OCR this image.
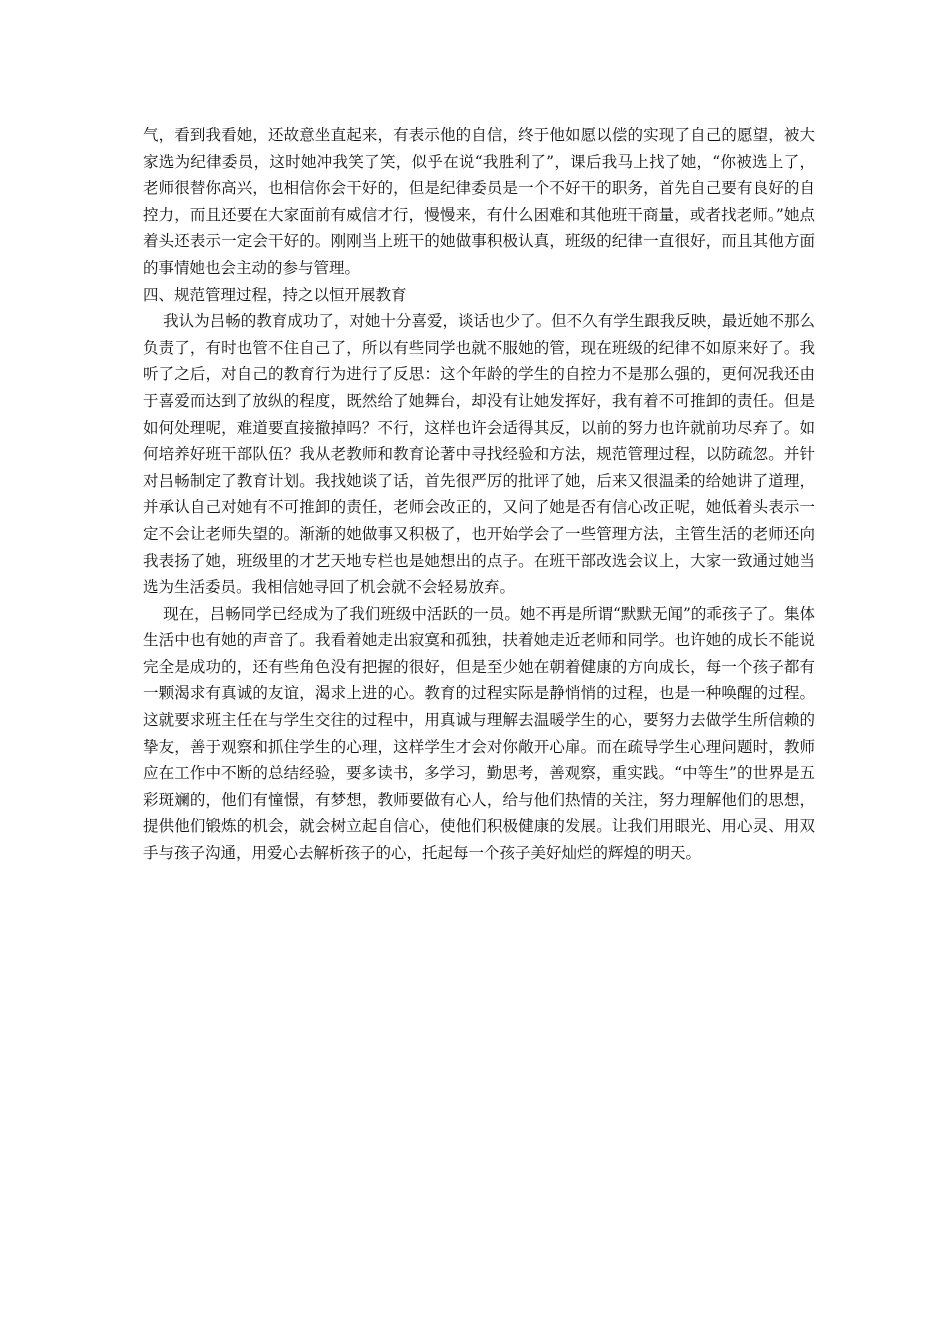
气，看到我看她，还故意坐直起来，有表示他的自信，终于他如愿以偿的实现了自己的愿望，被大家选为纪律委员，这时她冲我笑了笑，似乎在说“我胜利了”，课后我马上找了她，“你被选上了，老师很替你高兴，也相信你会干好的，但是纪律委员是一个不好干的职务，首先自己要有良好的自控力，而且还要在大家面前有威信才行，慢慢来，有什么困难和其他班干商量，或者找老师。”她点着头还表示一定会干好的。刚刚当上班干的她做事积极认真，班级的纪律一直很好，而且其他方面的事情她也会主动的参与管理。

四、规范管理过程，持之以恒开展教育

我认为吕畅的教育成功了，对她十分喜爱，谈话也少了。但不久有学生跟我反映，最近她不那么负责了，有时也管不住自己了，所以有些同学也就不服她的管，现在班级的纪律不如原来好了。我听了之后，对自己的教育行为进行了反思：这个年龄的学生的自控力不是那么强的，更何况我还由于喜爱而达到了放纵的程度，既然给了她舞台，却没有让她发挥好，我有着不可推卸的责任。但是如何处理呢，难道要直接撤掉吗？不行，这样也许会适得其反，以前的努力也许就前功尽弃了。如何培养好班干部队伍？我从老教师和教育论著中寻找经验和方法，规范管理过程，以防疏忽。并针对吕畅制定了教育计划。我找她谈了话，首先很严厉的批评了她，后来又很温柔的给她讲了道理，并承认自己对她有不可推卸的责任，老师会改正的，又问了她是否有信心改正呢，她低着头表示一定不会让老师失望的。渐渐的她做事又积极了，也开始学会了一些管理方法，主管生活的老师还向我表扬了她，班级里的才艺天地专栏也是她想出的点子。在班干部改选会议上，大家一致通过她当选为生活委员。我相信她寻回了机会就不会轻易放弃。

现在，吕畅同学已经成为了我们班级中活跃的一员。她不再是所谓“默默无闻”的乖孩子了。集体生活中也有她的声音了。我看着她走出寂寞和孤独，扶着她走近老师和同学。也许她的成长不能说完全是成功的，还有些角色没有把握的很好，但是至少她在朝着健康的方向成长，每一个孩子都有一颗渴求有真诚的友谊，渴求上进的心。教育的过程实际是静悄悄的过程，也是一种唤醒的过程。这就要求班主任在与学生交往的过程中，用真诚与理解去温暖学生的心，要努力去做学生所信赖的挚友，善于观察和抓住学生的心理，这样学生才会对你敞开心扉。而在疏导学生心理问题时，教师应在工作中不断的总结经验，要多读书，多学习，勤思考，善观察，重实践。“中等生”的世界是五彩斑斓的，他们有憧憬，有梦想，教师要做有心人，给与他们热情的关注，努力理解他们的思想，提供他们锻炼的机会，就会树立起自信心，使他们积极健康的发展。让我们用眼光、用心灵、用双手与孩子沟通，用爱心去解析孩子的心，托起每一个孩子美好灿烂的辉煌的明天。
